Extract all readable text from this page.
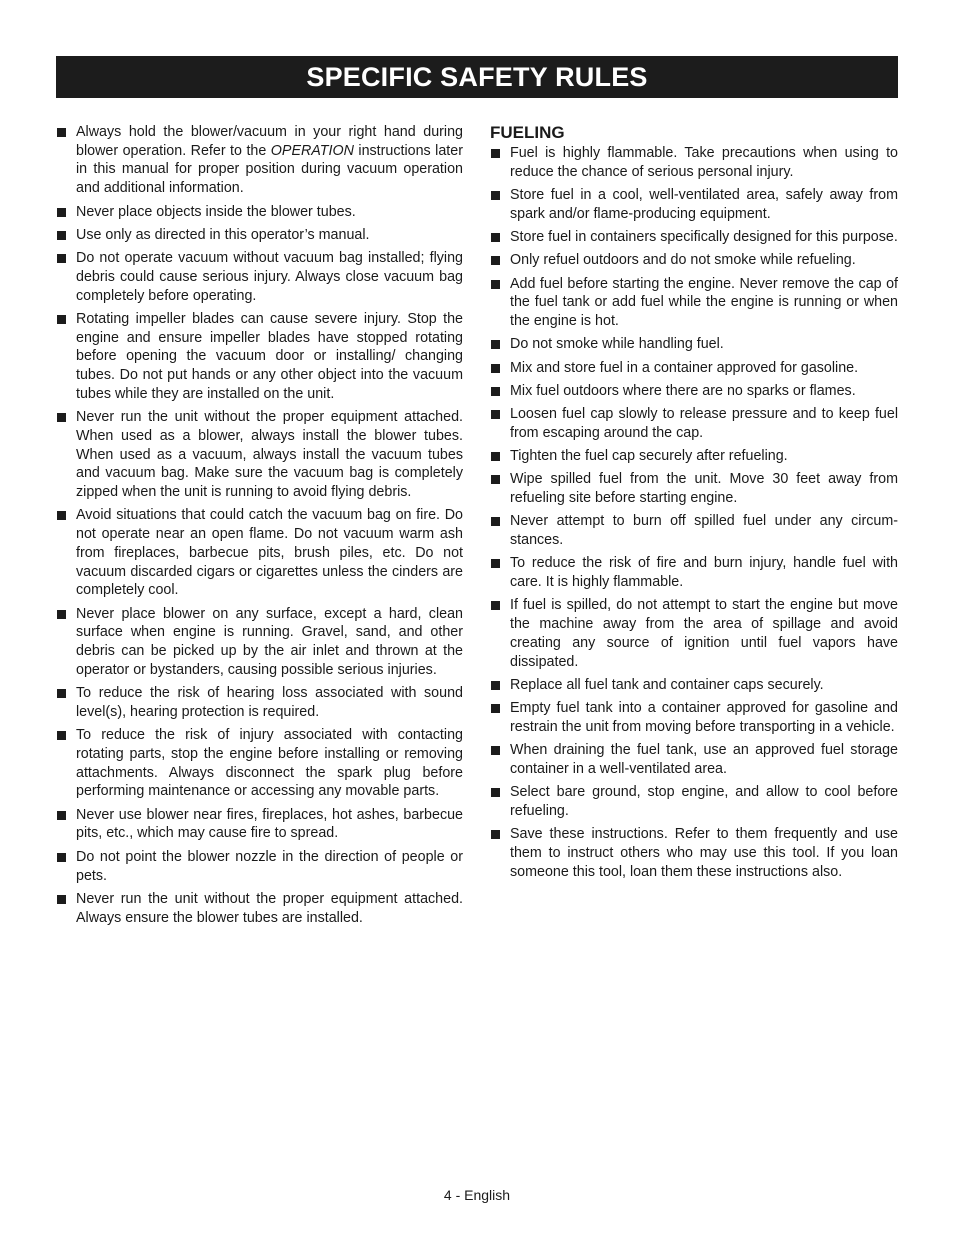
SPECIFIC SAFETY RULES
Always hold the blower/vacuum in your right hand during blower operation. Refer to the OPERATION instructions later in this manual for proper position during vacuum operation and additional information.
Never place objects inside the blower tubes.
Use only as directed in this operator’s manual.
Do not operate vacuum without vacuum bag installed; flying debris could cause serious injury. Always close vacuum bag completely before operating.
Rotating impeller blades can cause severe injury. Stop the engine and ensure impeller blades have stopped rotating before opening the vacuum door or installing/ changing tubes. Do not put hands or any other object into the vacuum tubes while they are installed on the unit.
Never run the unit without the proper equipment attached. When used as a blower, always install the blower tubes. When used as a vacuum, always install the vacuum tubes and vacuum bag. Make sure the vacuum bag is completely zipped when the unit is running to avoid flying debris.
Avoid situations that could catch the vacuum bag on fire. Do not operate near an open flame. Do not vacuum warm ash from fireplaces, barbecue pits, brush piles, etc. Do not vacuum discarded cigars or cigarettes unless the cinders are completely cool.
Never place blower on any surface, except a hard, clean surface when engine is running. Gravel, sand, and other debris can be picked up by the air inlet and thrown at the operator or bystanders, causing possible serious injuries.
To reduce the risk of hearing loss associated with sound level(s), hearing protection is required.
To reduce the risk of injury associated with contacting rotating parts, stop the engine before installing or removing attachments. Always disconnect the spark plug before performing maintenance or accessing any movable parts.
Never use blower near fires, fireplaces, hot ashes, barbecue pits, etc., which may cause fire to spread.
Do not point the blower nozzle in the direction of people or pets.
Never run the unit without the proper equipment attached. Always ensure the blower tubes are installed.
FUELING
Fuel is highly flammable. Take precautions when using to reduce the chance of serious personal injury.
Store fuel in a cool, well-ventilated area, safely away from spark and/or flame-producing equipment.
Store fuel in containers specifically designed for this purpose.
Only refuel outdoors and do not smoke while refueling.
Add fuel before starting the engine. Never remove the cap of the fuel tank or add fuel while the engine is running or when the engine is hot.
Do not smoke while handling fuel.
Mix and store fuel in a container approved for gasoline.
Mix fuel outdoors where there are no sparks or flames.
Loosen fuel cap slowly to release pressure and to keep fuel from escaping around the cap.
Tighten the fuel cap securely after refueling.
Wipe spilled fuel from the unit. Move 30 feet away from refueling site before starting engine.
Never attempt to burn off spilled fuel under any circum- stances.
To reduce the risk of fire and burn injury, handle fuel with care. It is highly flammable.
If fuel is spilled, do not attempt to start the engine but move the machine away from the area of spillage and avoid creating any source of ignition until fuel vapors have dissipated.
Replace all fuel tank and container caps securely.
Empty fuel tank into a container approved for gasoline and restrain the unit from moving before transporting in a vehicle.
When draining the fuel tank, use an approved fuel storage container in a well-ventilated area.
Select bare ground, stop engine, and allow to cool before refueling.
Save these instructions. Refer to them frequently and use them to instruct others who may use this tool. If you loan someone this tool, loan them these instructions also.
4 - English
